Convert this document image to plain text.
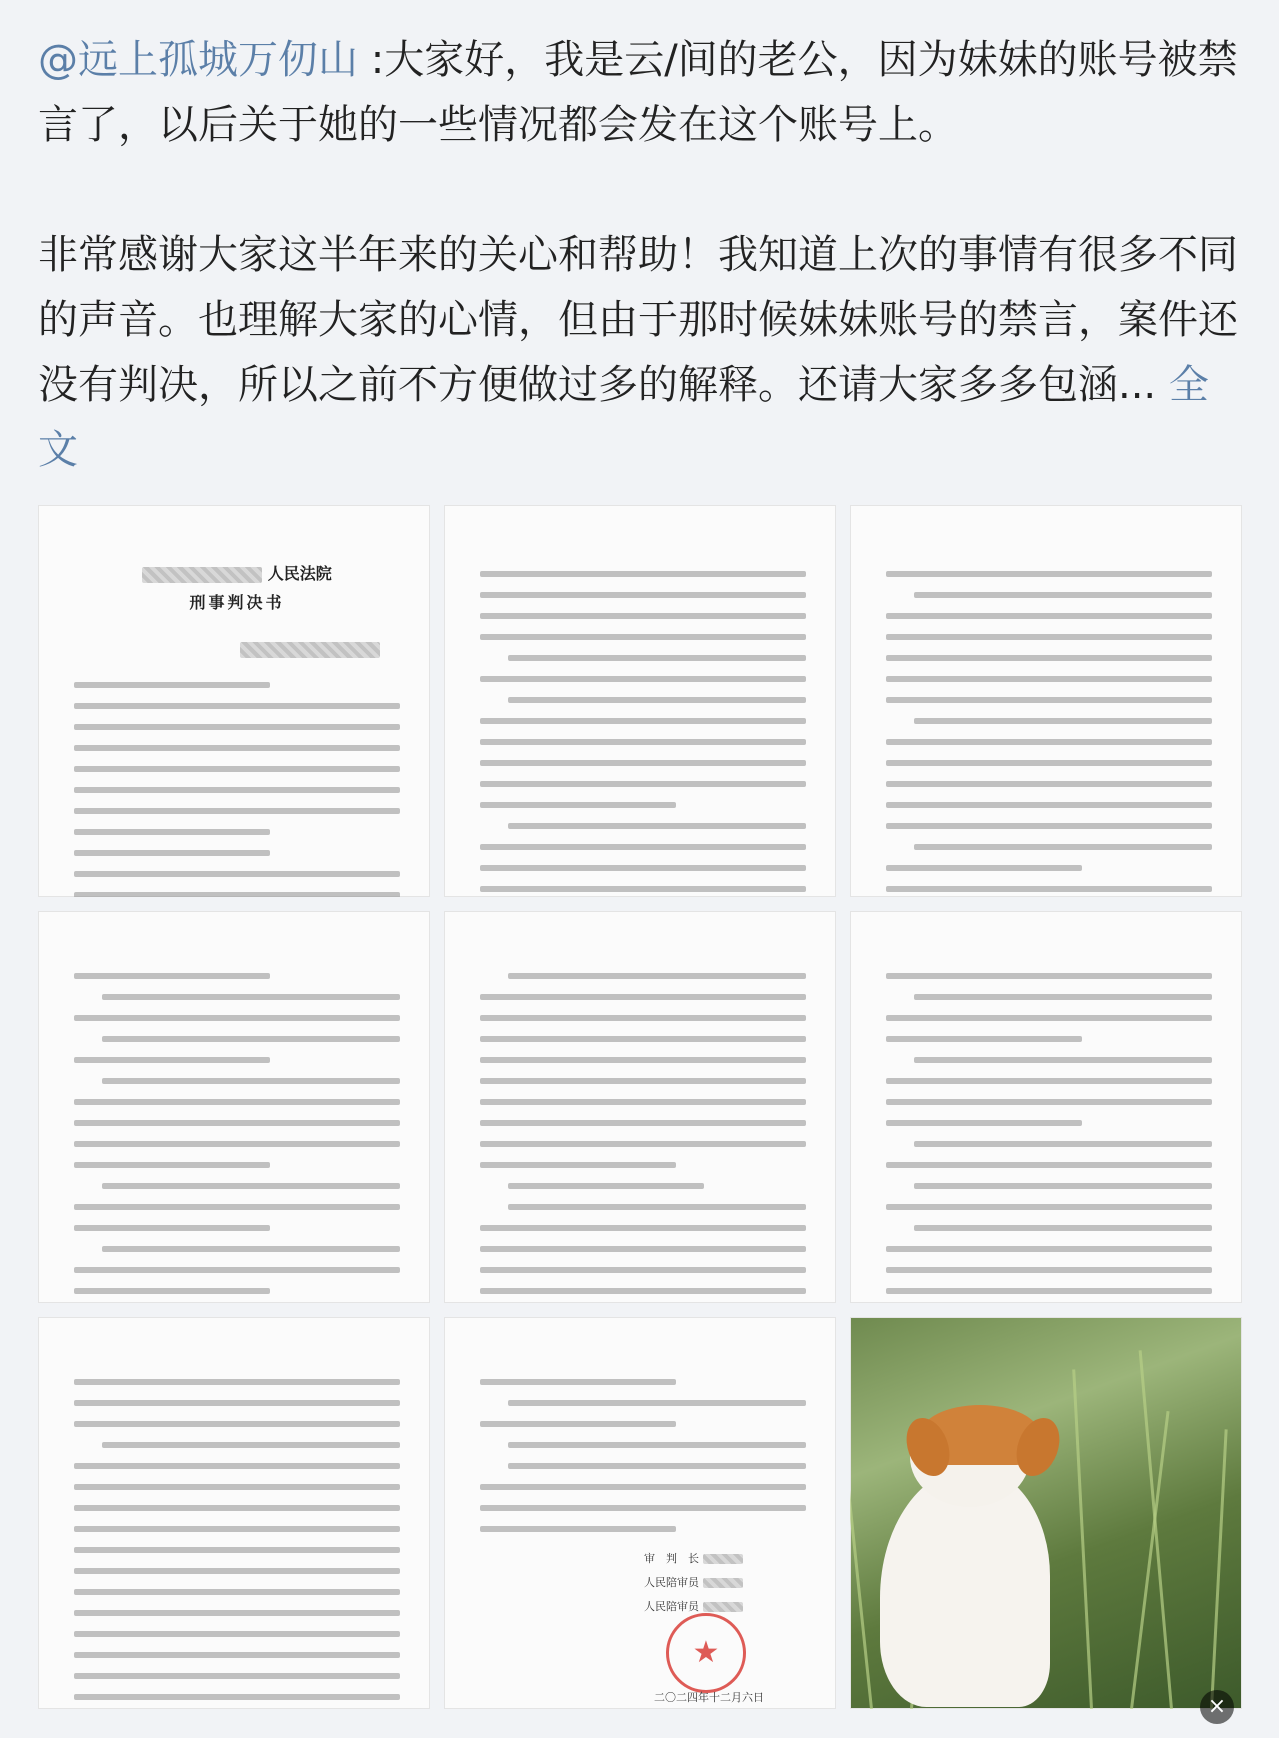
@远上孤城万仞山 :大家好，我是云/间的老公，因为妹妹的账号被禁言了，以后关于她的一些情况都会发在这个账号上。

非常感谢大家这半年来的关心和帮助！我知道上次的事情有很多不同的声音。也理解大家的心情，但由于那时候妹妹账号的禁言，案件还没有判决，所以之前不方便做过多的解释。还请大家多多包涵... 全文

人民法院
刑事判决书
审　判　长
人民陪审员
人民陪审员
★
二〇二四年十二月六日	×
